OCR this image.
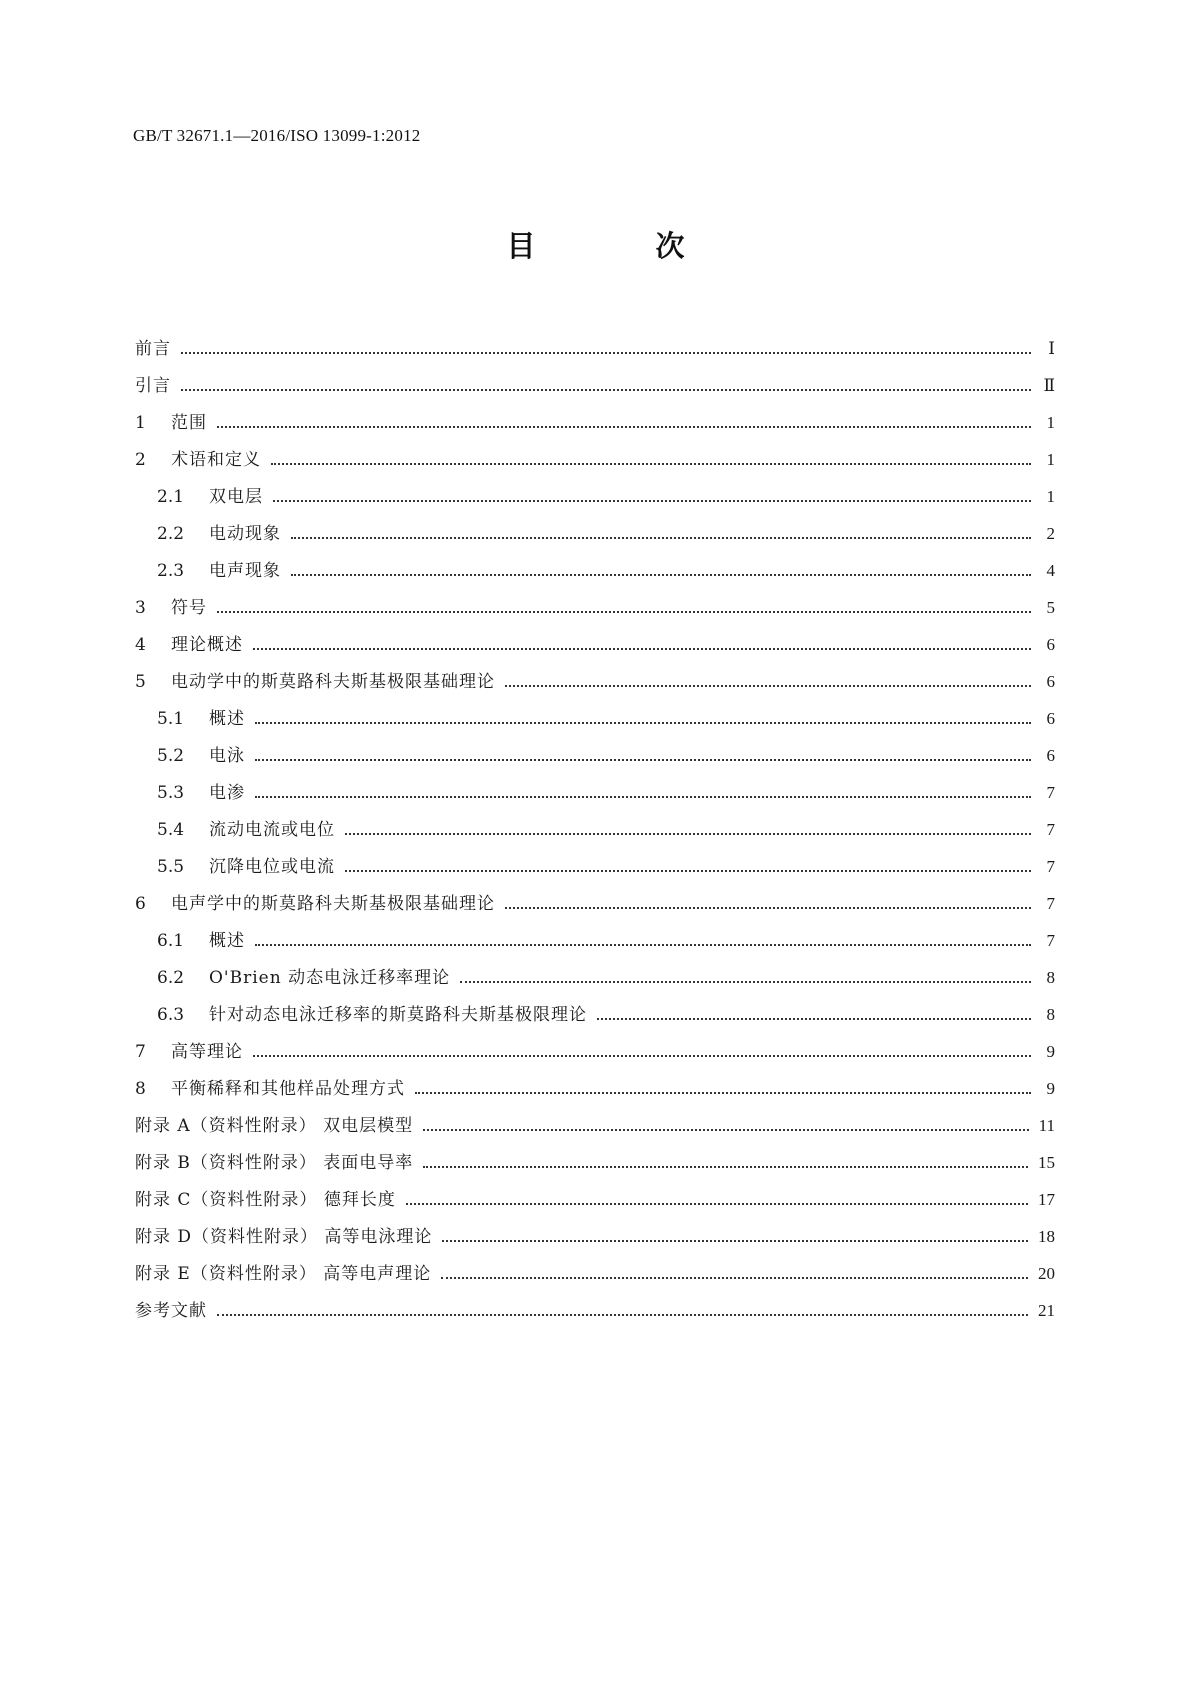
GB/T 32671.1—2016/ISO 13099-1:2012
目 次
前言	Ⅰ
引言	Ⅱ
1	范围	1
2	术语和定义	1
2.1	双电层	1
2.2	电动现象	2
2.3	电声现象	4
3	符号	5
4	理论概述	6
5	电动学中的斯莫路科夫斯基极限基础理论	6
5.1	概述	6
5.2	电泳	6
5.3	电渗	7
5.4	流动电流或电位	7
5.5	沉降电位或电流	7
6	电声学中的斯莫路科夫斯基极限基础理论	7
6.1	概述	7
6.2	O'Brien 动态电泳迁移率理论	8
6.3	针对动态电泳迁移率的斯莫路科夫斯基极限理论	8
7	高等理论	9
8	平衡稀释和其他样品处理方式	9
附录 A（资料性附录） 双电层模型	11
附录 B（资料性附录） 表面电导率	15
附录 C（资料性附录） 德拜长度	17
附录 D（资料性附录） 高等电泳理论	18
附录 E（资料性附录） 高等电声理论	20
参考文献	21
